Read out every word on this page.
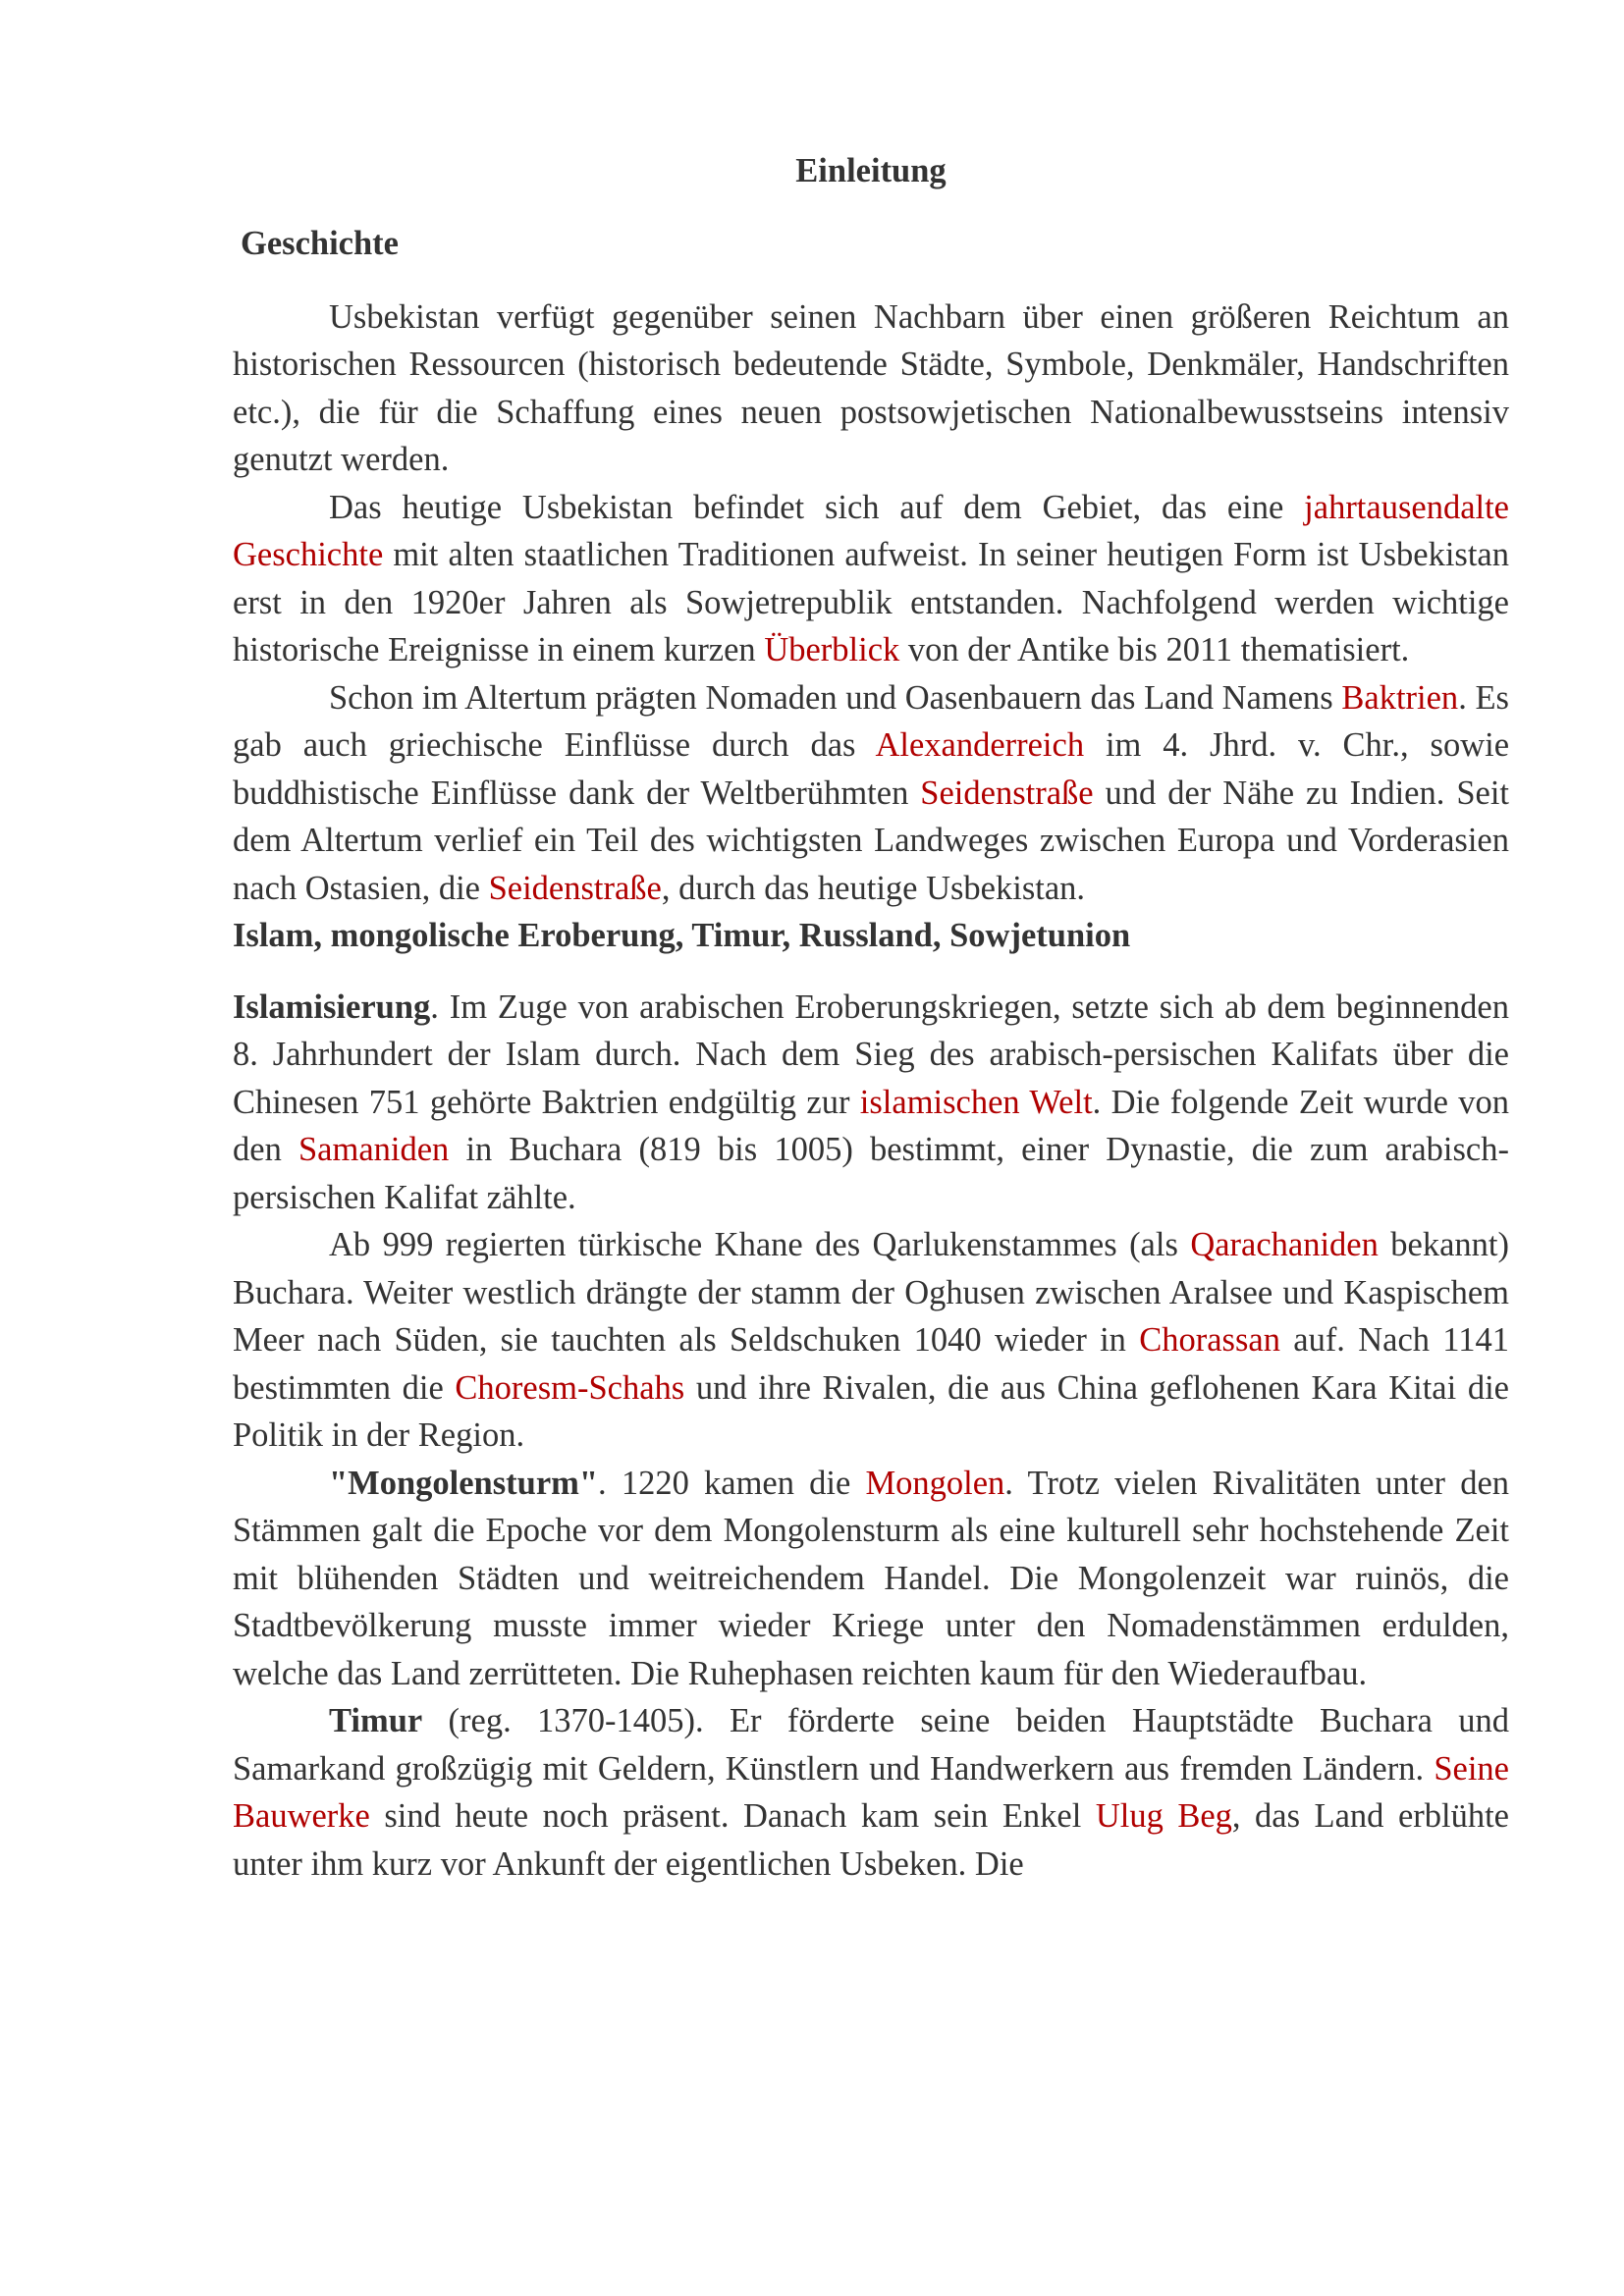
Einleitung
Geschichte

Usbekistan verfügt gegenüber seinen Nachbarn über einen größeren Reichtum an historischen Ressourcen (historisch bedeutende Städte, Symbole, Denkmäler, Handschriften etc.), die für die Schaffung eines neuen postsowjetischen Nationalbewusstseins intensiv genutzt werden.

Das heutige Usbekistan befindet sich auf dem Gebiet, das eine jahrtausendalte Geschichte mit alten staatlichen Traditionen aufweist. In seiner heutigen Form ist Usbekistan erst in den 1920er Jahren als Sowjetrepublik entstanden. Nachfolgend werden wichtige historische Ereignisse in einem kurzen Überblick von der Antike bis 2011 thematisiert.

Schon im Altertum prägten Nomaden und Oasenbauern das Land Namens Baktrien. Es gab auch griechische Einflüsse durch das Alexanderreich im 4. Jhrd. v. Chr., sowie buddhistische Einflüsse dank der Weltberühmten Seidenstraße und der Nähe zu Indien. Seit dem Altertum verlief ein Teil des wichtigsten Landweges zwischen Europa und Vorderasien nach Ostasien, die Seidenstraße, durch das heutige Usbekistan.

Islam, mongolische Eroberung, Timur, Russland, Sowjetunion

Islamisierung. Im Zuge von arabischen Eroberungskriegen, setzte sich ab dem beginnenden 8. Jahrhundert der Islam durch. Nach dem Sieg des arabisch-persischen Kalifats über die Chinesen 751 gehörte Baktrien endgültig zur islamischen Welt. Die folgende Zeit wurde von den Samaniden in Buchara (819 bis 1005) bestimmt, einer Dynastie, die zum arabisch-persischen Kalifat zählte.

Ab 999 regierten türkische Khane des Qarlukenstammes (als Qarachaniden bekannt) Buchara. Weiter westlich drängte der stamm der Oghusen zwischen Aralsee und Kaspischem Meer nach Süden, sie tauchten als Seldschuken 1040 wieder in Chorassan auf. Nach 1141 bestimmten die Choresm-Schahs und ihre Rivalen, die aus China geflohenen Kara Kitai die Politik in der Region.

"Mongolensturm". 1220 kamen die Mongolen. Trotz vielen Rivalitäten unter den Stämmen galt die Epoche vor dem Mongolensturm als eine kulturell sehr hochstehende Zeit mit blühenden Städten und weitreichendem Handel. Die Mongolenzeit war ruinös, die Stadtbevölkerung musste immer wieder Kriege unter den Nomadenstämmen erdulden, welche das Land zerrütteten. Die Ruhephasen reichten kaum für den Wiederaufbau.

Timur (reg. 1370-1405). Er förderte seine beiden Hauptstädte Buchara und Samarkand großzügig mit Geldern, Künstlern und Handwerkern aus fremden Ländern. Seine Bauwerke sind heute noch präsent. Danach kam sein Enkel Ulug Beg, das Land erblühte unter ihm kurz vor Ankunft der eigentlichen Usbeken. Die
